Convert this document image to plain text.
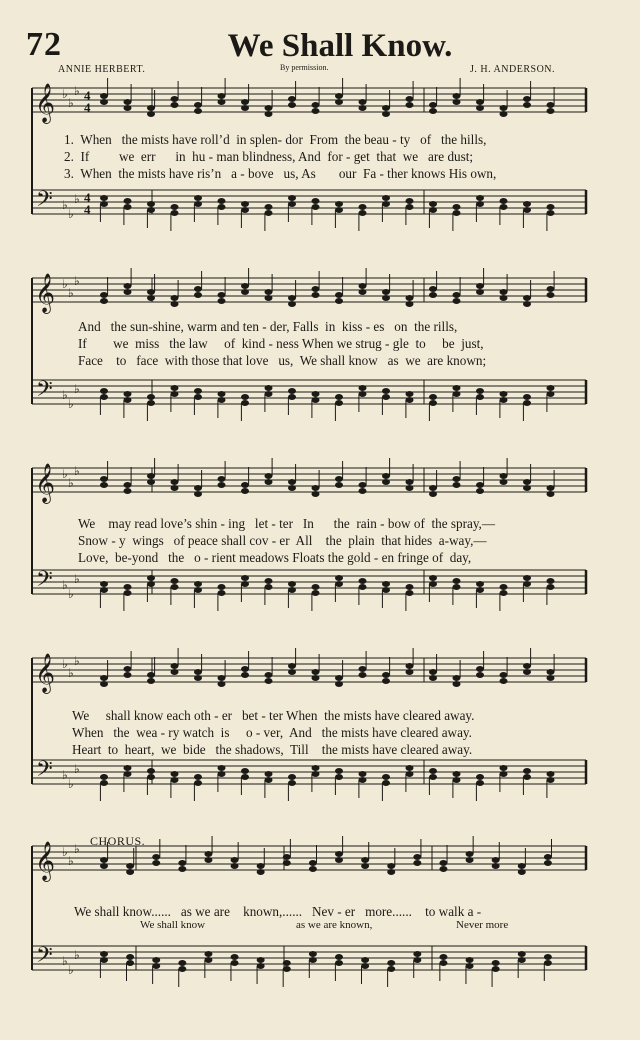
72	We Shall Know.
ANNIE HERBERT.	By permission.	J. H. ANDERSON.
𝄞
𝄢
♭
♭
♭
♭
♭
♭
4
4
4
4
1.  When   the mists have roll’d  in splen- dor  From  the beau - ty   of   the hills,
2.  If         we  err      in  hu - man blindness, And  for - get  that  we   are dust;
3.  When  the mists have ris’n   a - bove   us, As       our  Fa - ther knows His own,
𝄞
𝄢
♭
♭
♭
♭
♭
♭
And   the sun-shine, warm and ten - der, Falls  in  kiss - es   on  the rills,
If        we  miss   the law     of  kind - ness When we strug - gle  to     be  just,
Face    to   face  with those that love   us,  We shall know   as  we  are known;
𝄞
𝄢
♭
♭
♭
♭
♭
♭
We    may read love’s shin - ing   let - ter   In      the  rain - bow of  the spray,—
Snow - y  wings   of peace shall cov - er  All    the  plain  that hides  a-way,—
Love,  be-yond   the   o - rient meadows Floats the gold - en fringe of  day,
𝄞
𝄢
♭
♭
♭
♭
♭
♭
We     shall know each oth - er   bet - ter When  the mists have cleared away.
When   the  wea - ry watch  is     o - ver,  And   the mists have cleared away.
Heart  to  heart,  we  bide   the shadows,  Till    the mists have cleared away.
CHORUS.
𝄞
𝄢
♭
♭
♭
♭
♭
♭
We shall know......   as we are    known,......   Nev - er   more......    to walk a -
We shall know	as we are known,	Never more
